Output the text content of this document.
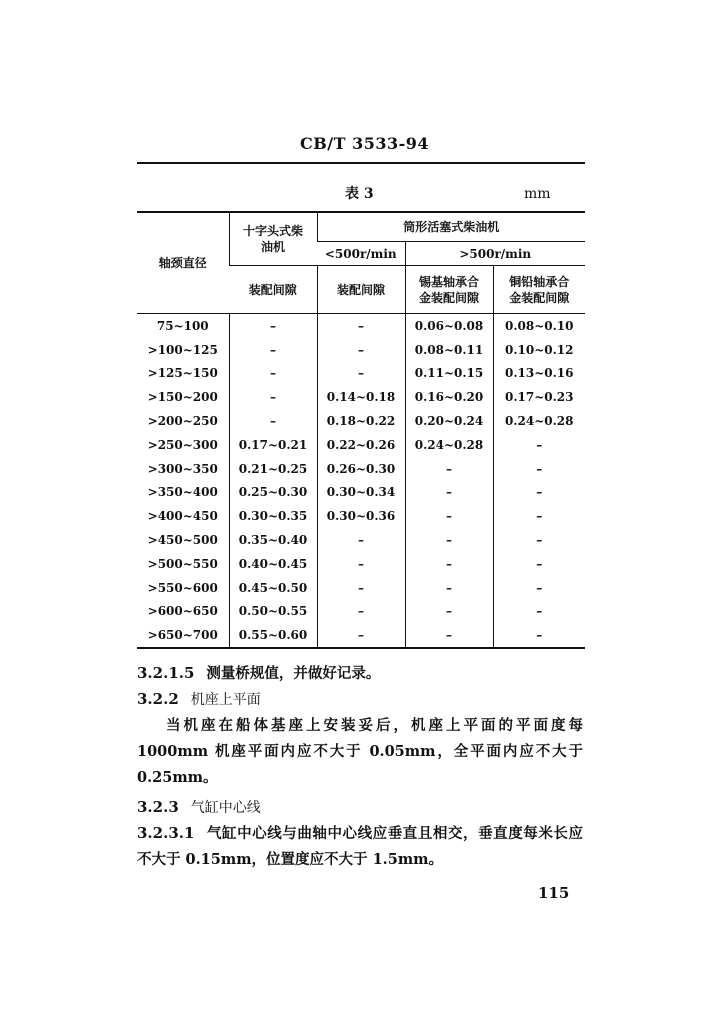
CB/T 3533-94
表 3	mm
轴颈直径	十字头式柴油机	筒形活塞式柴油机		
		<500r/min	>500r/min	
	装配间隙	装配间隙	锡基轴承合金装配间隙	铜铅轴承合金装配间隙
75~100	–	–	0.06~0.08	0.08~0.10
>100~125	–	–	0.08~0.11	0.10~0.12
>125~150	–	–	0.11~0.15	0.13~0.16
>150~200	–	0.14~0.18	0.16~0.20	0.17~0.23
>200~250	–	0.18~0.22	0.20~0.24	0.24~0.28
>250~300	0.17~0.21	0.22~0.26	0.24~0.28	–
>300~350	0.21~0.25	0.26~0.30	–	–
>350~400	0.25~0.30	0.30~0.34	–	–
>400~450	0.30~0.35	0.30~0.36	–	–
>450~500	0.35~0.40	–	–	–
>500~550	0.40~0.45	–	–	–
>550~600	0.45~0.50	–	–	–
>600~650	0.50~0.55	–	–	–
>650~700	0.55~0.60	–	–	–
3.2.1.5 测量桥规值，并做好记录。
3.2.2 机座上平面
当机座在船体基座上安装妥后，机座上平面的平面度每1000mm 机座平面内应不大于 0.05mm，全平面内应不大于0.25mm。
3.2.3 气缸中心线
3.2.3.1 气缸中心线与曲轴中心线应垂直且相交，垂直度每米长应不大于 0.15mm，位置度应不大于 1.5mm。
115
